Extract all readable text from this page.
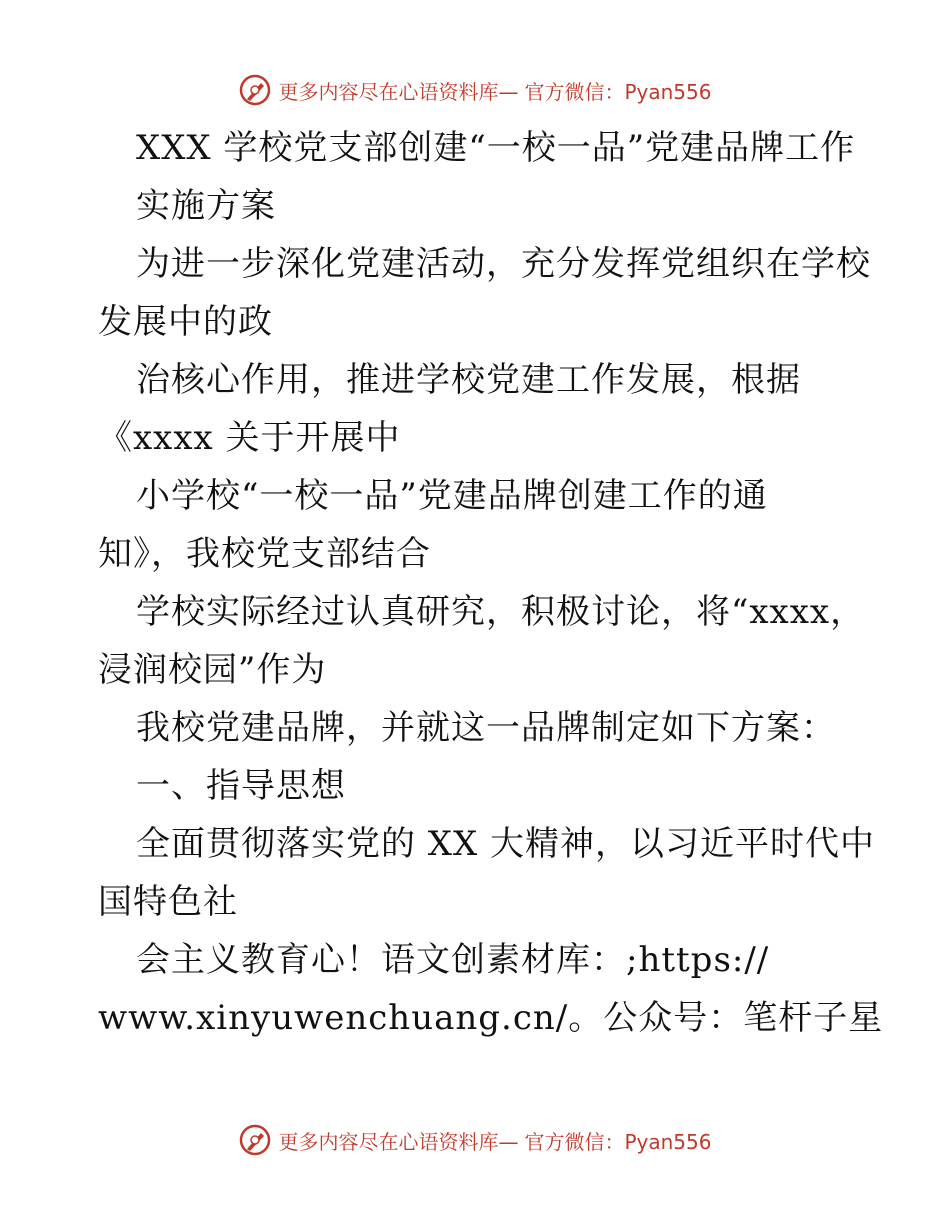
更多内容尽在心语资料库— 官方微信：Pyan556
XXX 学校党支部创建“一校一品”党建品牌工作
实施方案
为进一步深化党建活动，充分发挥党组织在学校
发展中的政
治核心作用，推进学校党建工作发展，根据
《xxxx 关于开展中
小学校“一校一品”党建品牌创建工作的通
知》，我校党支部结合
学校实际经过认真研究，积极讨论，将“xxxx，
浸润校园”作为
我校党建品牌，并就这一品牌制定如下方案：
一、指导思想
全面贯彻落实党的 XX 大精神，以习近平时代中
国特色社
会主义教育心！语文创素材库：;https://
www.xinyuwenchuang.cn/。公众号：笔杆子星
更多内容尽在心语资料库— 官方微信：Pyan556
